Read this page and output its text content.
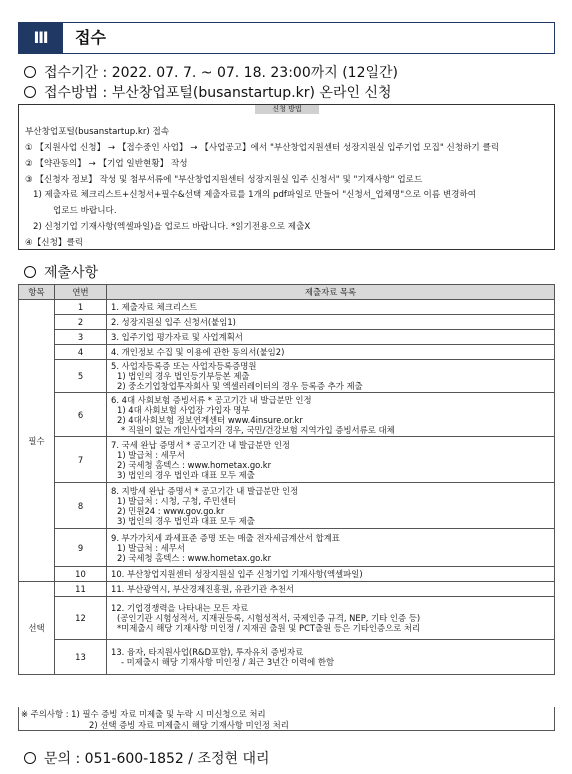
Ⅲ	접수
접수기간 : 2022. 07. 7. ~ 07. 18. 23:00까지 (12일간)
접수방법 : 부산창업포털(busanstartup.kr) 온라인 신청
신청 방법
부산창업포털(busanstartup.kr) 접속
① 【지원사업 신청】 → 【접수중인 사업】 → 【사업공고】에서 "부산창업지원센터 성장지원실 입주기업 모집" 신청하기 클릭
② 【약관동의】 → 【기업 일반현황】 작성
③ 【신청자 정보】 작성 및 첨부서류에 "부산창업지원센터 성장지원실 입주 신청서" 및 "기재사항" 업로드
1) 제출자료 체크리스트+신청서+필수&선택 제출자료를 1개의 pdf파일로 만들어 "신청서_업체명"으로 이름 변경하여
업로드 바랍니다.
2) 신청기업 기재사항(엑셀파일)을 업로드 바랍니다. *읽기전용으로 제출X
④【신청】클릭
제출사항
항목	연번	제출자료 목록
필수	1	1. 제출자료 체크리스트

	2	2. 성장지원실 입주 신청서(붙임1)

	3	3. 입주기업 평가자료 및 사업계획서

	4	4. 개인정보 수집 및 이용에 관한 동의서(붙임2)

	5	5. 사업자등록증 또는 사업자등록증명원
1) 법인의 경우 법인등기부등본 제출
2) 중소기업창업투자회사 및 엑셀러레이터의 경우 등록증 추가 제출

	6	6. 4대 사회보험 증빙서류 * 공고기간 내 발급분만 인정
1) 4대 사회보험 사업장 가입자 명부
2) 4대사회보험 정보연계센터 www.4insure.or.kr
* 직원이 없는 개인사업자의 경우, 국민/건강보험 지역가입 증빙서류로 대체

	7	7. 국세 완납 증명서 * 공고기간 내 발급분만 인정
1) 발급처 : 세무서
2) 국세청 홈텍스 : www.hometax.go.kr
3) 법인의 경우 법인과 대표 모두 제출

	8	8. 지방세 완납 증명서 * 공고기간 내 발급분만 인정
1) 발급처 : 시청, 구청, 주민센터
2) 민원24 : www.gov.go.kr
3) 법인의 경우 법인과 대표 모두 제출

	9	9. 부가가치세 과세표준 증명 또는 매출 전자세금계산서 합계표
1) 발급처 : 세무서
2) 국세청 홈텍스 : www.hometax.go.kr

	10	10. 부산창업지원센터 성장지원실 입주 신청기업 기재사항(엑셀파일)

선택	11	11. 부산광역시, 부산경제진흥원, 유관기관 추천서

	12	12. 기업경쟁력을 나타내는 모든 자료
(공인기관 시험성적서, 지재권등록, 시험성적서, 국제인증 규격, NEP, 기타 인증 등)
*미제출시 해당 기재사항 미인정 / 지재권 출원 및 PCT출원 등은 기타인증으로 처리

	13	13. 융자, 타지원사업(R&D포함), 투자유치 증빙자료
- 미제출시 해당 기재사항 미인정 / 최근 3년간 이력에 한함
※ 주의사항 : 1) 필수 증빙 자료 미제출 및 누락 시 미신청으로 처리
2) 선택 증빙 자료 미제출시 해당 기재사항 미인정 처리
문의 : 051-600-1852 / 조정현 대리
